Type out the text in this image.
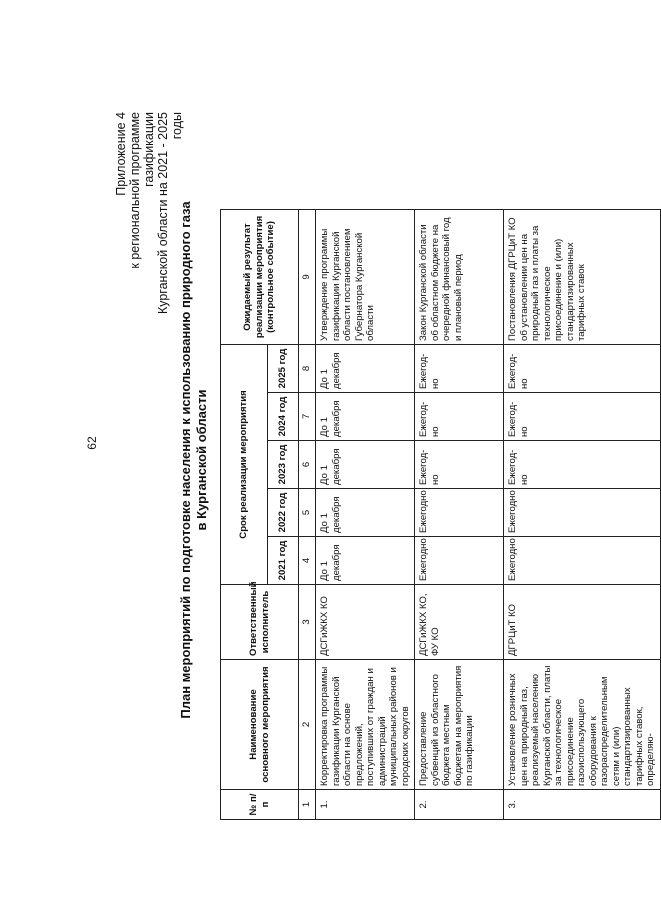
62
Приложение 4 к региональной программе газификации Курганской области на 2021 - 2025 годы
План мероприятий по подготовке населения к использованию природного газа в Курганской области
№ п/п	Наименование основного мероприятия	Ответственный исполнитель	Срок реализации мероприятия					Ожидаемый результат реализации мероприятия (контрольное событие)
			2021 год	2022 год	2023 год	2024 год	2025 год	
1	2	3	4	5	6	7	8	9
1.	Корректировка программы газификации Курганской области на основе предложений, поступивших от граждан и администраций муниципальных районов и городских округов	ДСГиЖКХ КО	До 1 декабря	До 1 декабря	До 1 декабря	До 1 декабря	До 1 декабря	Утверждение программы газификации Курганской области постановлением Губернатора Курганской области
2.	Предоставление субвенций из областного бюджета местным бюджетам на мероприятия по газификации	ДСГиЖКХ КО, ФУ КО	Ежегодно	Ежегодно	Ежегод-но	Ежегод-но	Ежегод-но	Закон Курганской области об областном бюджете на очередной финансовый год и плановый период
3.	Установление розничных цен на природный газ, реализуемый населению Курганской области, платы за технологическое присоединение газоиспользующего оборудования к газораспределительным сетям и (или) стандартизированных тарифных ставок, определяю-	ДГРЦиТ КО	Ежегодно	Ежегодно	Ежегод-но	Ежегод-но	Ежегод-но	Постановления ДГРЦиТ КО об установлении цен на природный газ и платы за технологическое присоединение и (или) стандартизированных тарифных ставок
